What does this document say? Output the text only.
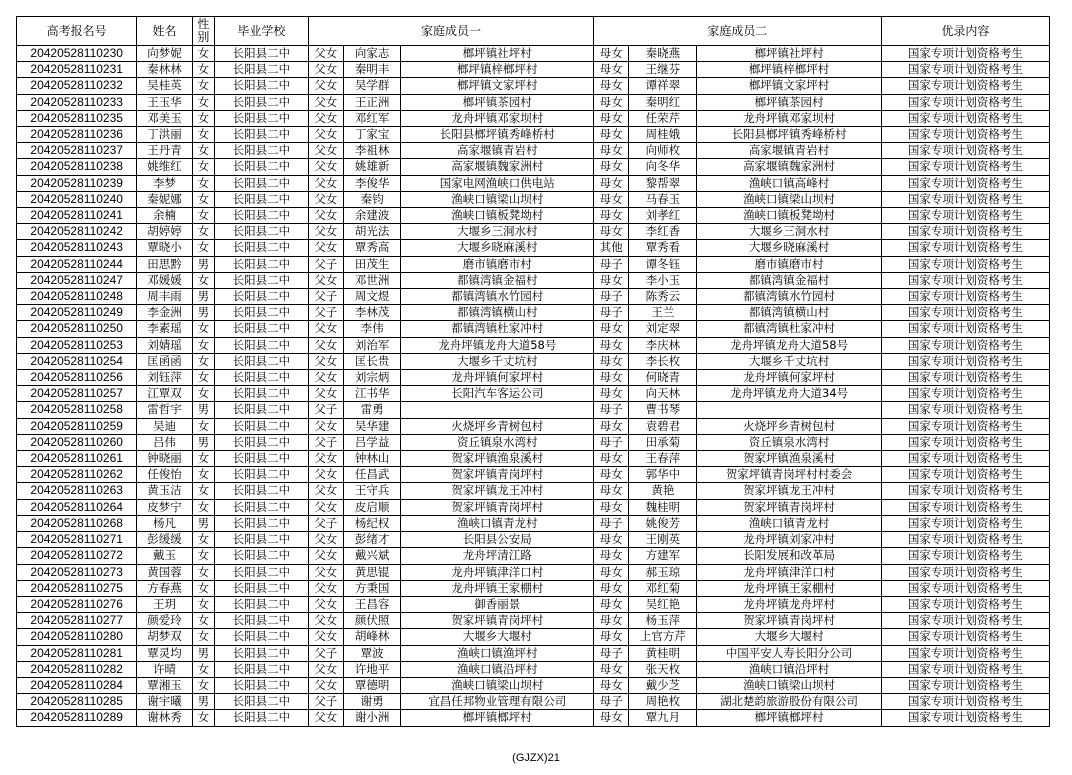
高考报名号	姓名	性别	毕业学校	家庭成员一			家庭成员二			优录内容
20420528110230	向梦妮	女	长阳县二中	父女	向家志	榔坪镇社坪村	母女	秦晓燕	榔坪镇社坪村	国家专项计划资格考生
20420528110231	秦林林	女	长阳县二中	父女	秦明丰	榔坪镇梓榔坪村	母女	王继芬	榔坪镇梓榔坪村	国家专项计划资格考生
20420528110232	吴桂英	女	长阳县二中	父女	吴学群	榔坪镇文家坪村	母女	谭祥翠	榔坪镇文家坪村	国家专项计划资格考生
20420528110233	王玉华	女	长阳县二中	父女	王正洲	榔坪镇茶园村	母女	秦明红	榔坪镇茶园村	国家专项计划资格考生
20420528110235	邓美玉	女	长阳县二中	父女	邓红军	龙舟坪镇邓家坝村	母女	任荣芹	龙舟坪镇邓家坝村	国家专项计划资格考生
20420528110236	丁洪丽	女	长阳县二中	父女	丁家宝	长阳县榔坪镇秀峰桥村	母女	周桂娥	长阳县榔坪镇秀峰桥村	国家专项计划资格考生
20420528110237	王丹青	女	长阳县二中	父女	李祖林	高家堰镇青岩村	母女	向师枚	高家堰镇青岩村	国家专项计划资格考生
20420528110238	姚维红	女	长阳县二中	父女	姚雄新	高家堰镇魏家洲村	母女	向冬华	高家堰镇魏家洲村	国家专项计划资格考生
20420528110239	李梦	女	长阳县二中	父女	李俊华	国家电网渔峡口供电站	母女	黎帮翠	渔峡口镇高峰村	国家专项计划资格考生
20420528110240	秦妮娜	女	长阳县二中	父女	秦钧	渔峡口镇梁山坝村	母女	马春玉	渔峡口镇梁山坝村	国家专项计划资格考生
20420528110241	余楠	女	长阳县二中	父女	余建波	渔峡口镇板凳坳村	母女	刘孝红	渔峡口镇板凳坳村	国家专项计划资格考生
20420528110242	胡婷婷	女	长阳县二中	父女	胡光法	大堰乡三洞水村	母女	李红香	大堰乡三洞水村	国家专项计划资格考生
20420528110243	覃晓小	女	长阳县二中	父女	覃秀高	大堰乡晓麻溪村	其他	覃秀看	大堰乡晓麻溪村	国家专项计划资格考生
20420528110244	田思黔	男	长阳县二中	父子	田茂生	磨市镇磨市村	母子	谭冬钰	磨市镇磨市村	国家专项计划资格考生
20420528110247	邓媛媛	女	长阳县二中	父女	邓世洲	都镇湾镇金福村	母女	李小玉	都镇湾镇金福村	国家专项计划资格考生
20420528110248	周丰雨	男	长阳县二中	父子	周文煜	都镇湾镇水竹园村	母子	陈秀云	都镇湾镇水竹园村	国家专项计划资格考生
20420528110249	李金洲	男	长阳县二中	父子	李林茂	都镇湾镇横山村	母子	王兰	都镇湾镇横山村	国家专项计划资格考生
20420528110250	李素瑶	女	长阳县二中	父女	李伟	都镇湾镇杜家冲村	母女	刘定翠	都镇湾镇杜家冲村	国家专项计划资格考生
20420528110253	刘婧瑶	女	长阳县二中	父女	刘治军	龙舟坪镇龙舟大道58号	母女	李庆林	龙舟坪镇龙舟大道58号	国家专项计划资格考生
20420528110254	匡函函	女	长阳县二中	父女	匡长贵	大堰乡千丈坑村	母女	李长枚	大堰乡千丈坑村	国家专项计划资格考生
20420528110256	刘钰萍	女	长阳县二中	父女	刘宗炳	龙舟坪镇何家坪村	母女	何晓青	龙舟坪镇何家坪村	国家专项计划资格考生
20420528110257	江覃双	女	长阳县二中	父女	江书华	长阳汽车客运公司	母女	向天林	龙舟坪镇龙舟大道34号	国家专项计划资格考生
20420528110258	雷哲宇	男	长阳县二中	父子	雷勇		母子	曹书琴		国家专项计划资格考生
20420528110259	吴迪	女	长阳县二中	父女	吴华建	火烧坪乡青树包村	母女	袁碧君	火烧坪乡青树包村	国家专项计划资格考生
20420528110260	吕伟	男	长阳县二中	父子	吕学益	资丘镇泉水湾村	母子	田承菊	资丘镇泉水湾村	国家专项计划资格考生
20420528110261	钟晓丽	女	长阳县二中	父女	钟林山	贺家坪镇渔泉溪村	母女	王春萍	贺家坪镇渔泉溪村	国家专项计划资格考生
20420528110262	任俊怡	女	长阳县二中	父女	任昌武	贺家坪镇青岗坪村	母女	郭华中	贺家坪镇青岗坪村村委会	国家专项计划资格考生
20420528110263	黄玉洁	女	长阳县二中	父女	王守兵	贺家坪镇龙王冲村	母女	黄艳	贺家坪镇龙王冲村	国家专项计划资格考生
20420528110264	皮梦宁	女	长阳县二中	父女	皮启顺	贺家坪镇青岗坪村	母女	魏桂明	贺家坪镇青岗坪村	国家专项计划资格考生
20420528110268	杨凡	男	长阳县二中	父子	杨纪权	渔峡口镇青龙村	母子	姚俊芳	渔峡口镇青龙村	国家专项计划资格考生
20420528110271	彭缓缓	女	长阳县二中	父女	彭绪才	长阳县公安局	母女	王刚英	龙舟坪镇刘家冲村	国家专项计划资格考生
20420528110272	戴玉	女	长阳县二中	父女	戴兴斌	龙舟坪清江路	母女	方建军	长阳发展和改革局	国家专项计划资格考生
20420528110273	黄国蓉	女	长阳县二中	父女	黄思锟	龙舟坪镇津洋口村	母女	郝玉琼	龙舟坪镇津洋口村	国家专项计划资格考生
20420528110275	方春燕	女	长阳县二中	父女	方秉国	龙舟坪镇王家棚村	母女	邓红菊	龙舟坪镇王家棚村	国家专项计划资格考生
20420528110276	王玥	女	长阳县二中	父女	王昌容	御香丽景	母女	吴红艳	龙舟坪镇龙舟坪村	国家专项计划资格考生
20420528110277	颜爱玲	女	长阳县二中	父女	颜伏照	贺家坪镇青岗坪村	母女	杨玉萍	贺家坪镇青岗坪村	国家专项计划资格考生
20420528110280	胡梦双	女	长阳县二中	父女	胡峰林	大堰乡大堰村	母女	上官方芹	大堰乡大堰村	国家专项计划资格考生
20420528110281	覃灵均	男	长阳县二中	父子	覃波	渔峡口镇渔坪村	母子	黄桂明	中国平安人寿长阳分公司	国家专项计划资格考生
20420528110282	许晴	女	长阳县二中	父女	许地平	渔峡口镇沿坪村	母女	张天枚	渔峡口镇沿坪村	国家专项计划资格考生
20420528110284	覃湘玉	女	长阳县二中	父女	覃德明	渔峡口镇梁山坝村	母女	戴少芝	渔峡口镇梁山坝村	国家专项计划资格考生
20420528110285	谢宇曦	男	长阳县二中	父子	谢勇	宜昌任邦物业管理有限公司	母子	周艳枚	湖北楚韵旅游股份有限公司	国家专项计划资格考生
20420528110289	谢林秀	女	长阳县二中	父女	谢小洲	榔坪镇榔坪村	母女	覃九月	榔坪镇榔坪村	国家专项计划资格考生
(GJZX)21
